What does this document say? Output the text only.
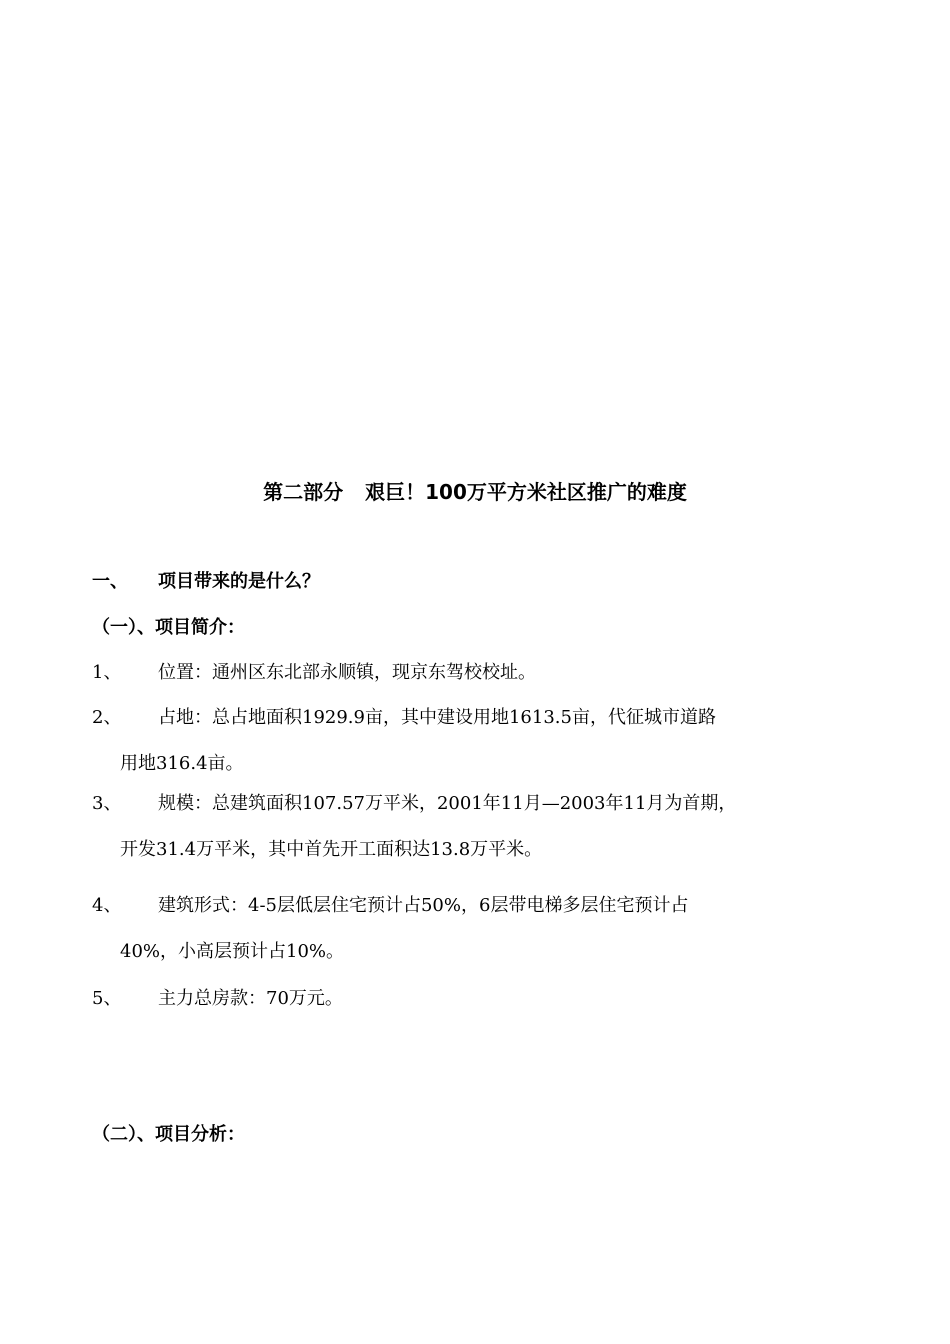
第二部分 艰巨！100万平方米社区推广的难度
一、 项目带来的是什么？
（一）、项目简介：
1、 位置：通州区东北部永顺镇，现京东驾校校址。
2、 占地：总占地面积1929.9亩，其中建设用地1613.5亩，代征城市道路
用地316.4亩。
3、 规模：总建筑面积107.57万平米，2001年11月—2003年11月为首期，
开发31.4万平米，其中首先开工面积达13.8万平米。
4、 建筑形式：4-5层低层住宅预计占50%，6层带电梯多层住宅预计占
40%，小高层预计占10%。
5、 主力总房款：70万元。
（二）、项目分析：
